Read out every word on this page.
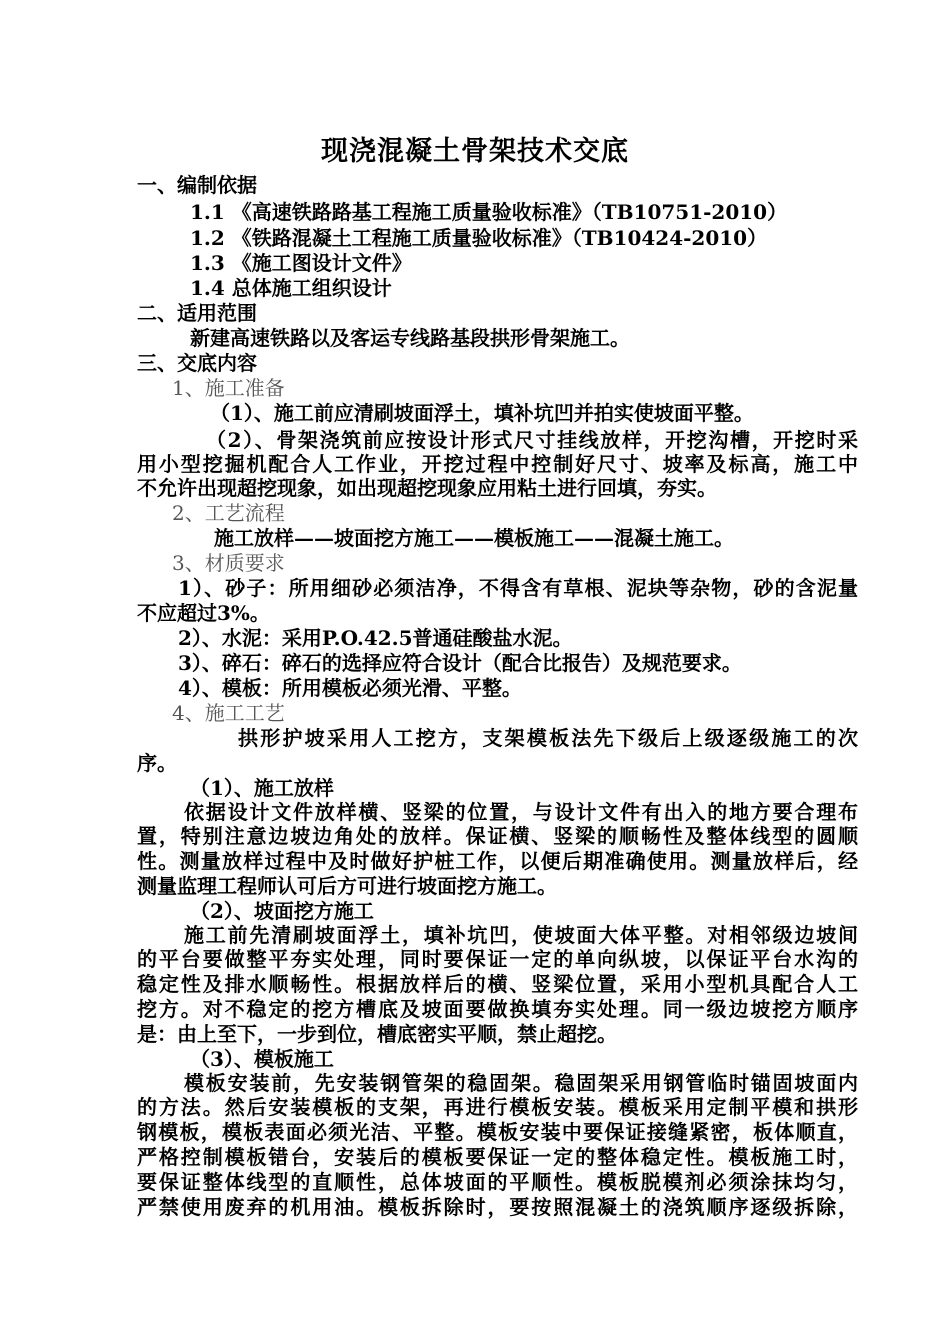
现浇混凝土骨架技术交底
一、编制依据
1.1 《高速铁路路基工程施工质量验收标准》（TB10751-2010）
1.2 《铁路混凝土工程施工质量验收标准》（TB10424-2010）
1.3 《施工图设计文件》
1.4 总体施工组织设计
二、适用范围
新建高速铁路以及客运专线路基段拱形骨架施工。
三、交底内容
1、施工准备
（1）、施工前应清刷坡面浮土，填补坑凹并拍实使坡面平整。
（2）、骨架浇筑前应按设计形式尺寸挂线放样，开挖沟槽，开挖时采
用小型挖掘机配合人工作业，开挖过程中控制好尺寸、坡率及标高，施工中
不允许出现超挖现象，如出现超挖现象应用粘土进行回填，夯实。
2、工艺流程
施工放样——坡面挖方施工——模板施工——混凝土施工。
3、材质要求
1）、砂子：所用细砂必须洁净，不得含有草根、泥块等杂物，砂的含泥量
不应超过3%。
2）、水泥：采用P.O.42.5普通硅酸盐水泥。
3）、碎石：碎石的选择应符合设计（配合比报告）及规范要求。
4）、模板：所用模板必须光滑、平整。
4、施工工艺
拱形护坡采用人工挖方，支架模板法先下级后上级逐级施工的次
序。
（1）、施工放样
依据设计文件放样横、竖梁的位置，与设计文件有出入的地方要合理布
置，特别注意边坡边角处的放样。保证横、竖梁的顺畅性及整体线型的圆顺
性。测量放样过程中及时做好护桩工作，以便后期准确使用。测量放样后，经
测量监理工程师认可后方可进行坡面挖方施工。
（2）、坡面挖方施工
施工前先清刷坡面浮土，填补坑凹，使坡面大体平整。对相邻级边坡间
的平台要做整平夯实处理，同时要保证一定的单向纵坡，以保证平台水沟的
稳定性及排水顺畅性。根据放样后的横、竖梁位置，采用小型机具配合人工
挖方。对不稳定的挖方槽底及坡面要做换填夯实处理。同一级边坡挖方顺序
是：由上至下，一步到位，槽底密实平顺，禁止超挖。
（3）、模板施工
模板安装前，先安装钢管架的稳固架。稳固架采用钢管临时锚固坡面内
的方法。然后安装模板的支架，再进行模板安装。模板采用定制平模和拱形
钢模板，模板表面必须光洁、平整。模板安装中要保证接缝紧密，板体顺直，
严格控制模板错台，安装后的模板要保证一定的整体稳定性。模板施工时，
要保证整体线型的直顺性，总体坡面的平顺性。模板脱模剂必须涂抹均匀，
严禁使用废弃的机用油。模板拆除时，要按照混凝土的浇筑顺序逐级拆除，
